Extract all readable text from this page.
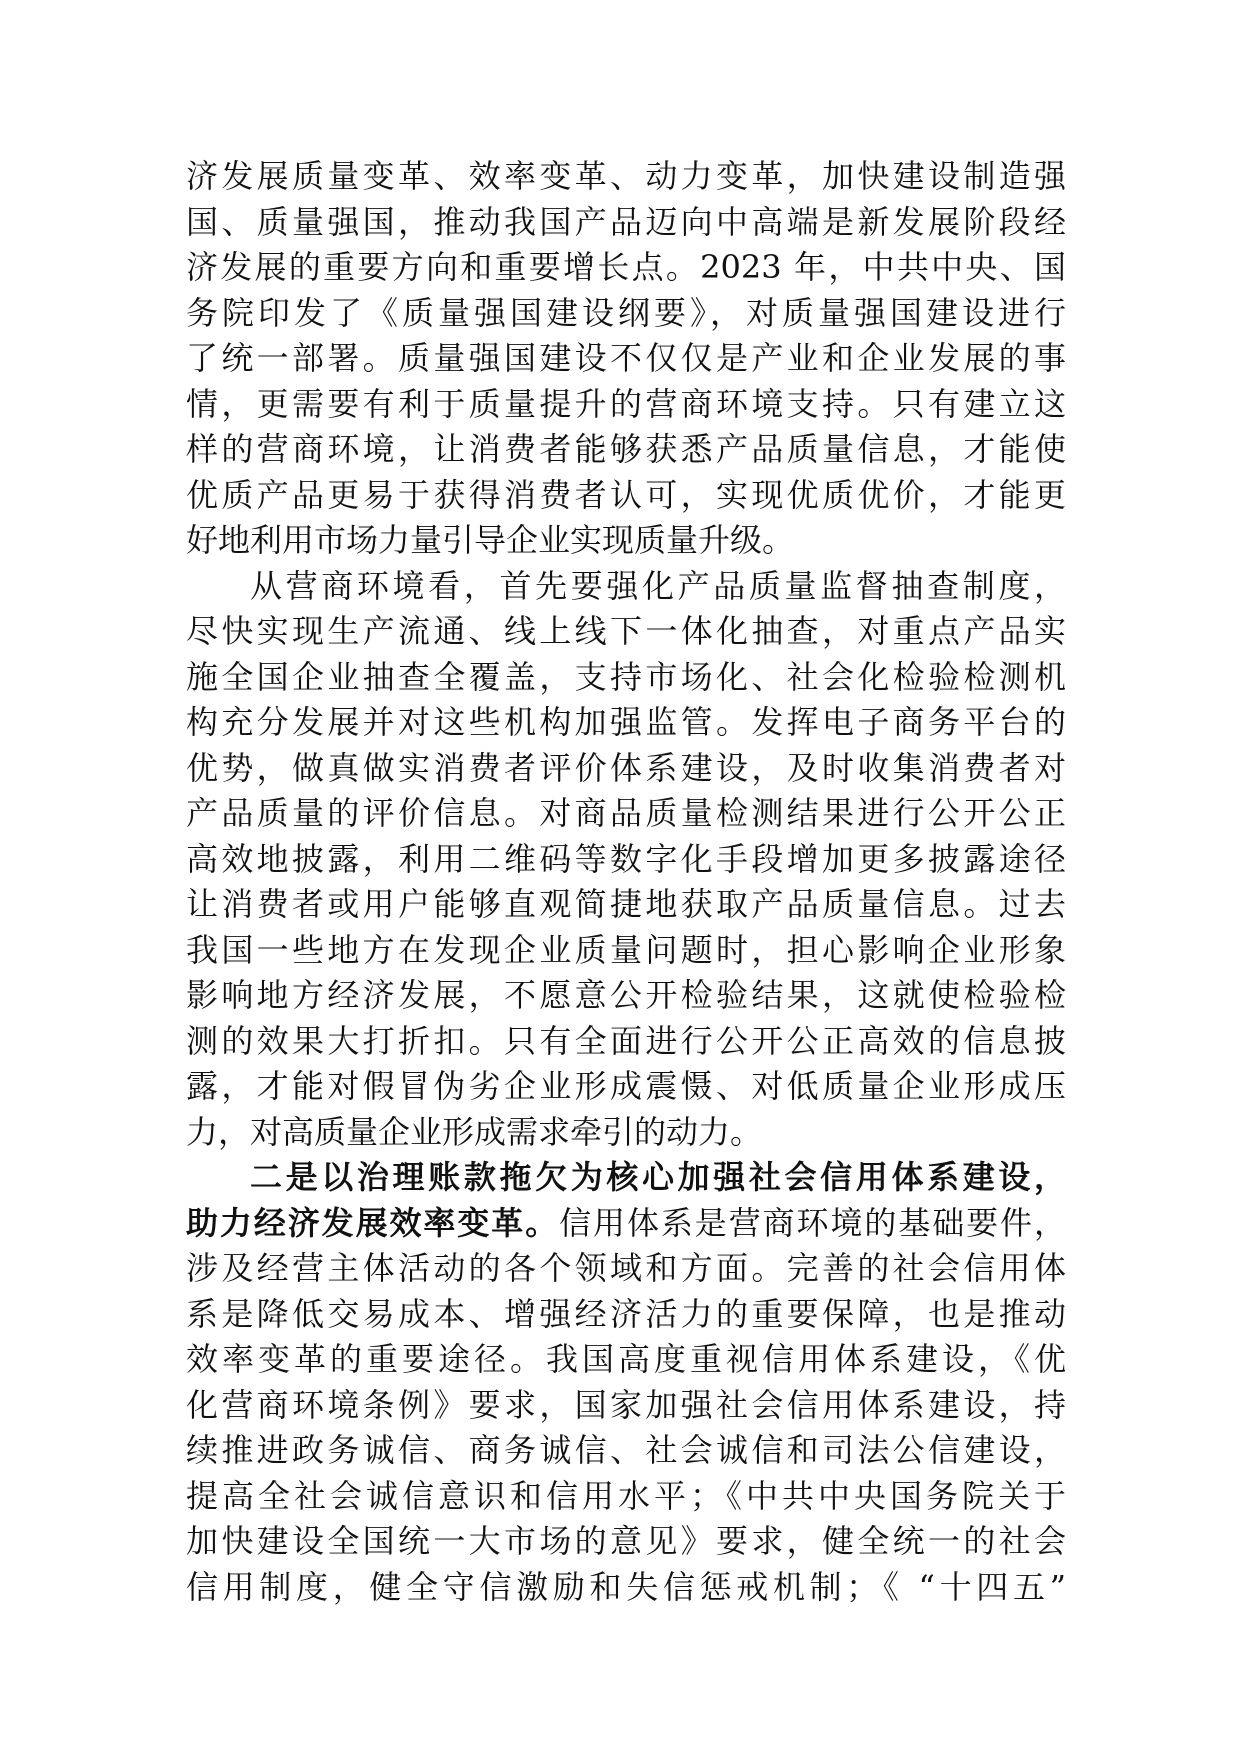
济发展质量变革、效率变革、动力变革，加快建设制造强
国、质量强国，推动我国产品迈向中高端是新发展阶段经
济发展的重要方向和重要增长点。2023 年，中共中央、国
务院印发了《质量强国建设纲要》，对质量强国建设进行
了统一部署。质量强国建设不仅仅是产业和企业发展的事
情，更需要有利于质量提升的营商环境支持。只有建立这
样的营商环境，让消费者能够获悉产品质量信息，才能使
优质产品更易于获得消费者认可，实现优质优价，才能更
好地利用市场力量引导企业实现质量升级。
从营商环境看，首先要强化产品质量监督抽查制度，
尽快实现生产流通、线上线下一体化抽查，对重点产品实
施全国企业抽查全覆盖，支持市场化、社会化检验检测机
构充分发展并对这些机构加强监管。发挥电子商务平台的
优势，做真做实消费者评价体系建设，及时收集消费者对
产品质量的评价信息。对商品质量检测结果进行公开公正
高效地披露，利用二维码等数字化手段增加更多披露途径
让消费者或用户能够直观简捷地获取产品质量信息。过去
我国一些地方在发现企业质量问题时，担心影响企业形象
影响地方经济发展，不愿意公开检验结果，这就使检验检
测的效果大打折扣。只有全面进行公开公正高效的信息披
露，才能对假冒伪劣企业形成震慑、对低质量企业形成压
力，对高质量企业形成需求牵引的动力。
二是以治理账款拖欠为核心加强社会信用体系建设，
助力经济发展效率变革。信用体系是营商环境的基础要件，
涉及经营主体活动的各个领域和方面。完善的社会信用体
系是降低交易成本、增强经济活力的重要保障，也是推动
效率变革的重要途径。我国高度重视信用体系建设，《优
化营商环境条例》要求，国家加强社会信用体系建设，持
续推进政务诚信、商务诚信、社会诚信和司法公信建设，
提高全社会诚信意识和信用水平；《中共中央国务院关于
加快建设全国统一大市场的意见》要求，健全统一的社会
信用制度，健全守信激励和失信惩戒机制；《 “十四五”
